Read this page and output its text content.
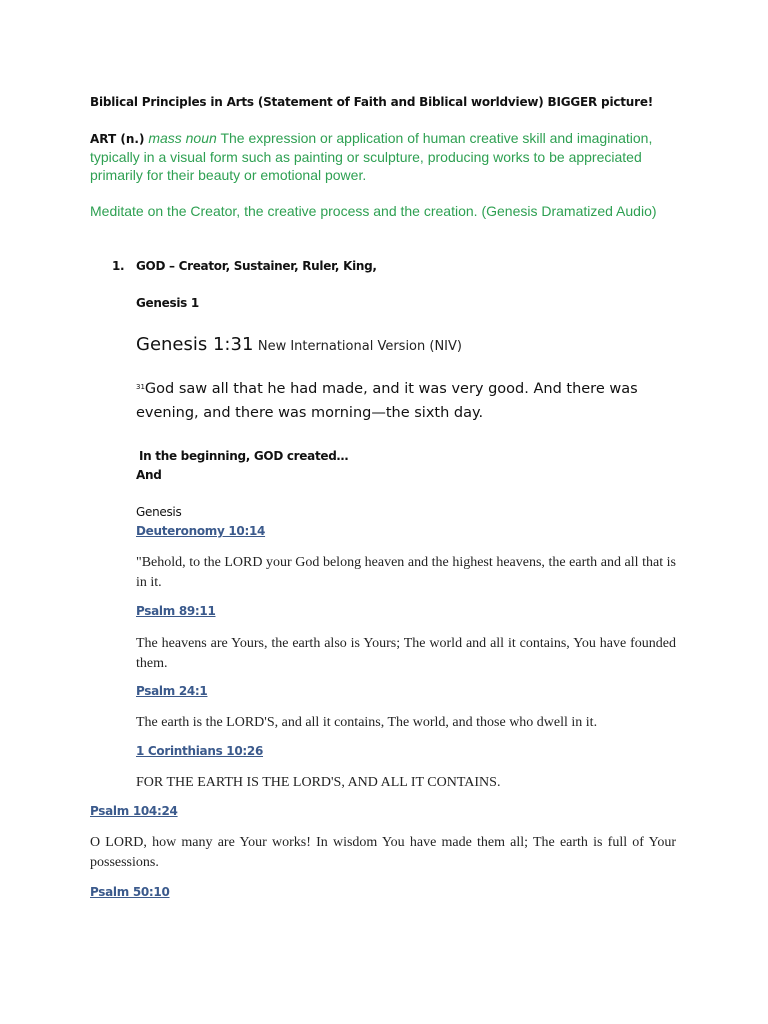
Biblical Principles in Arts (Statement of Faith and Biblical worldview) BIGGER picture!
ART (n.) mass noun The expression or application of human creative skill and imagination, typically in a visual form such as painting or sculpture, producing works to be appreciated primarily for their beauty or emotional power.
Meditate on the Creator, the creative process and the creation. (Genesis Dramatized Audio)
1. GOD – Creator, Sustainer, Ruler, King,
Genesis 1
Genesis 1:31 New International Version (NIV)
$^{31}$God saw all that he had made, and it was very good. And there was evening, and there was morning—the sixth day.
In the beginning, GOD created…
And
Genesis
Deuteronomy 10:14
"Behold, to the LORD your God belong heaven and the highest heavens, the earth and all that is in it.
Psalm 89:11
The heavens are Yours, the earth also is Yours; The world and all it contains, You have founded them.
Psalm 24:1
The earth is the LORD'S, and all it contains, The world, and those who dwell in it.
1 Corinthians 10:26
FOR THE EARTH IS THE LORD'S, AND ALL IT CONTAINS.
Psalm 104:24
O LORD, how many are Your works! In wisdom You have made them all; The earth is full of Your possessions.
Psalm 50:10
